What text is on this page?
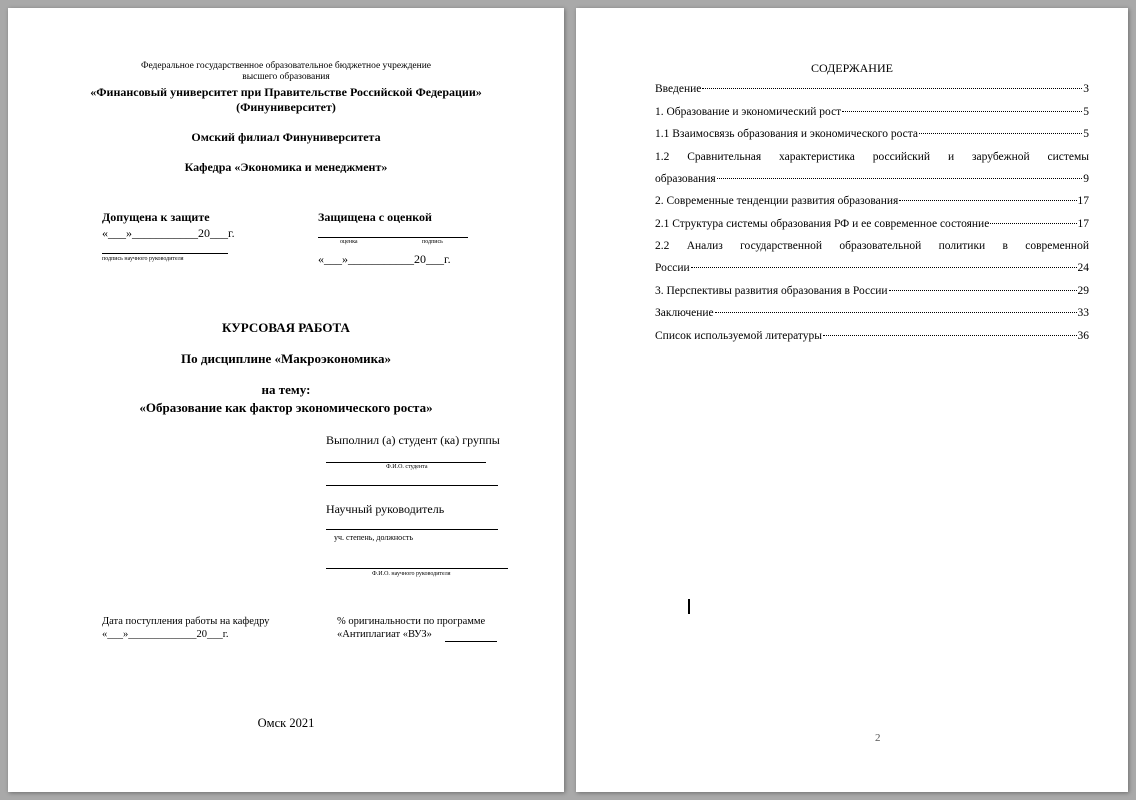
Федеральное государственное образовательное бюджетное учреждение
высшего образования
«Финансовый университет при Правительстве Российской Федерации»
(Финуниверситет)
Омский филиал Финуниверситета
Кафедра «Экономика и менеджмент»
Допущена к защите
«___»___________20___г.
подпись научного руководителя
Защищена с оценкой
оценка	подпись
«___»___________20___г.
КУРСОВАЯ РАБОТА
По дисциплине «Макроэкономика»
на тему:
«Образование как фактор экономического роста»
Выполнил (а) студент (ка) группы
Ф.И.О. студента
Научный руководитель
уч. степень, должность
Ф.И.О. научного руководителя
Дата поступления работы на кафедру
«___»_____________20___г.
% оригинальности по программе
«Антиплагиат «ВУЗ»
Омск 2021
СОДЕРЖАНИЕ
Введение	3
1. Образование и экономический рост	5
1.1 Взаимосвязь образования и экономического роста	5
1.2 Сравнительная характеристика российский и зарубежной системы
образования	9
2. Современные тенденции развития образования	17
2.1 Структура системы образования РФ и ее современное состояние	17
2.2 Анализ государственной образовательной политики в современной
России	24
3. Перспективы развития образования в России	29
Заключение	33
Список используемой литературы	36
2
